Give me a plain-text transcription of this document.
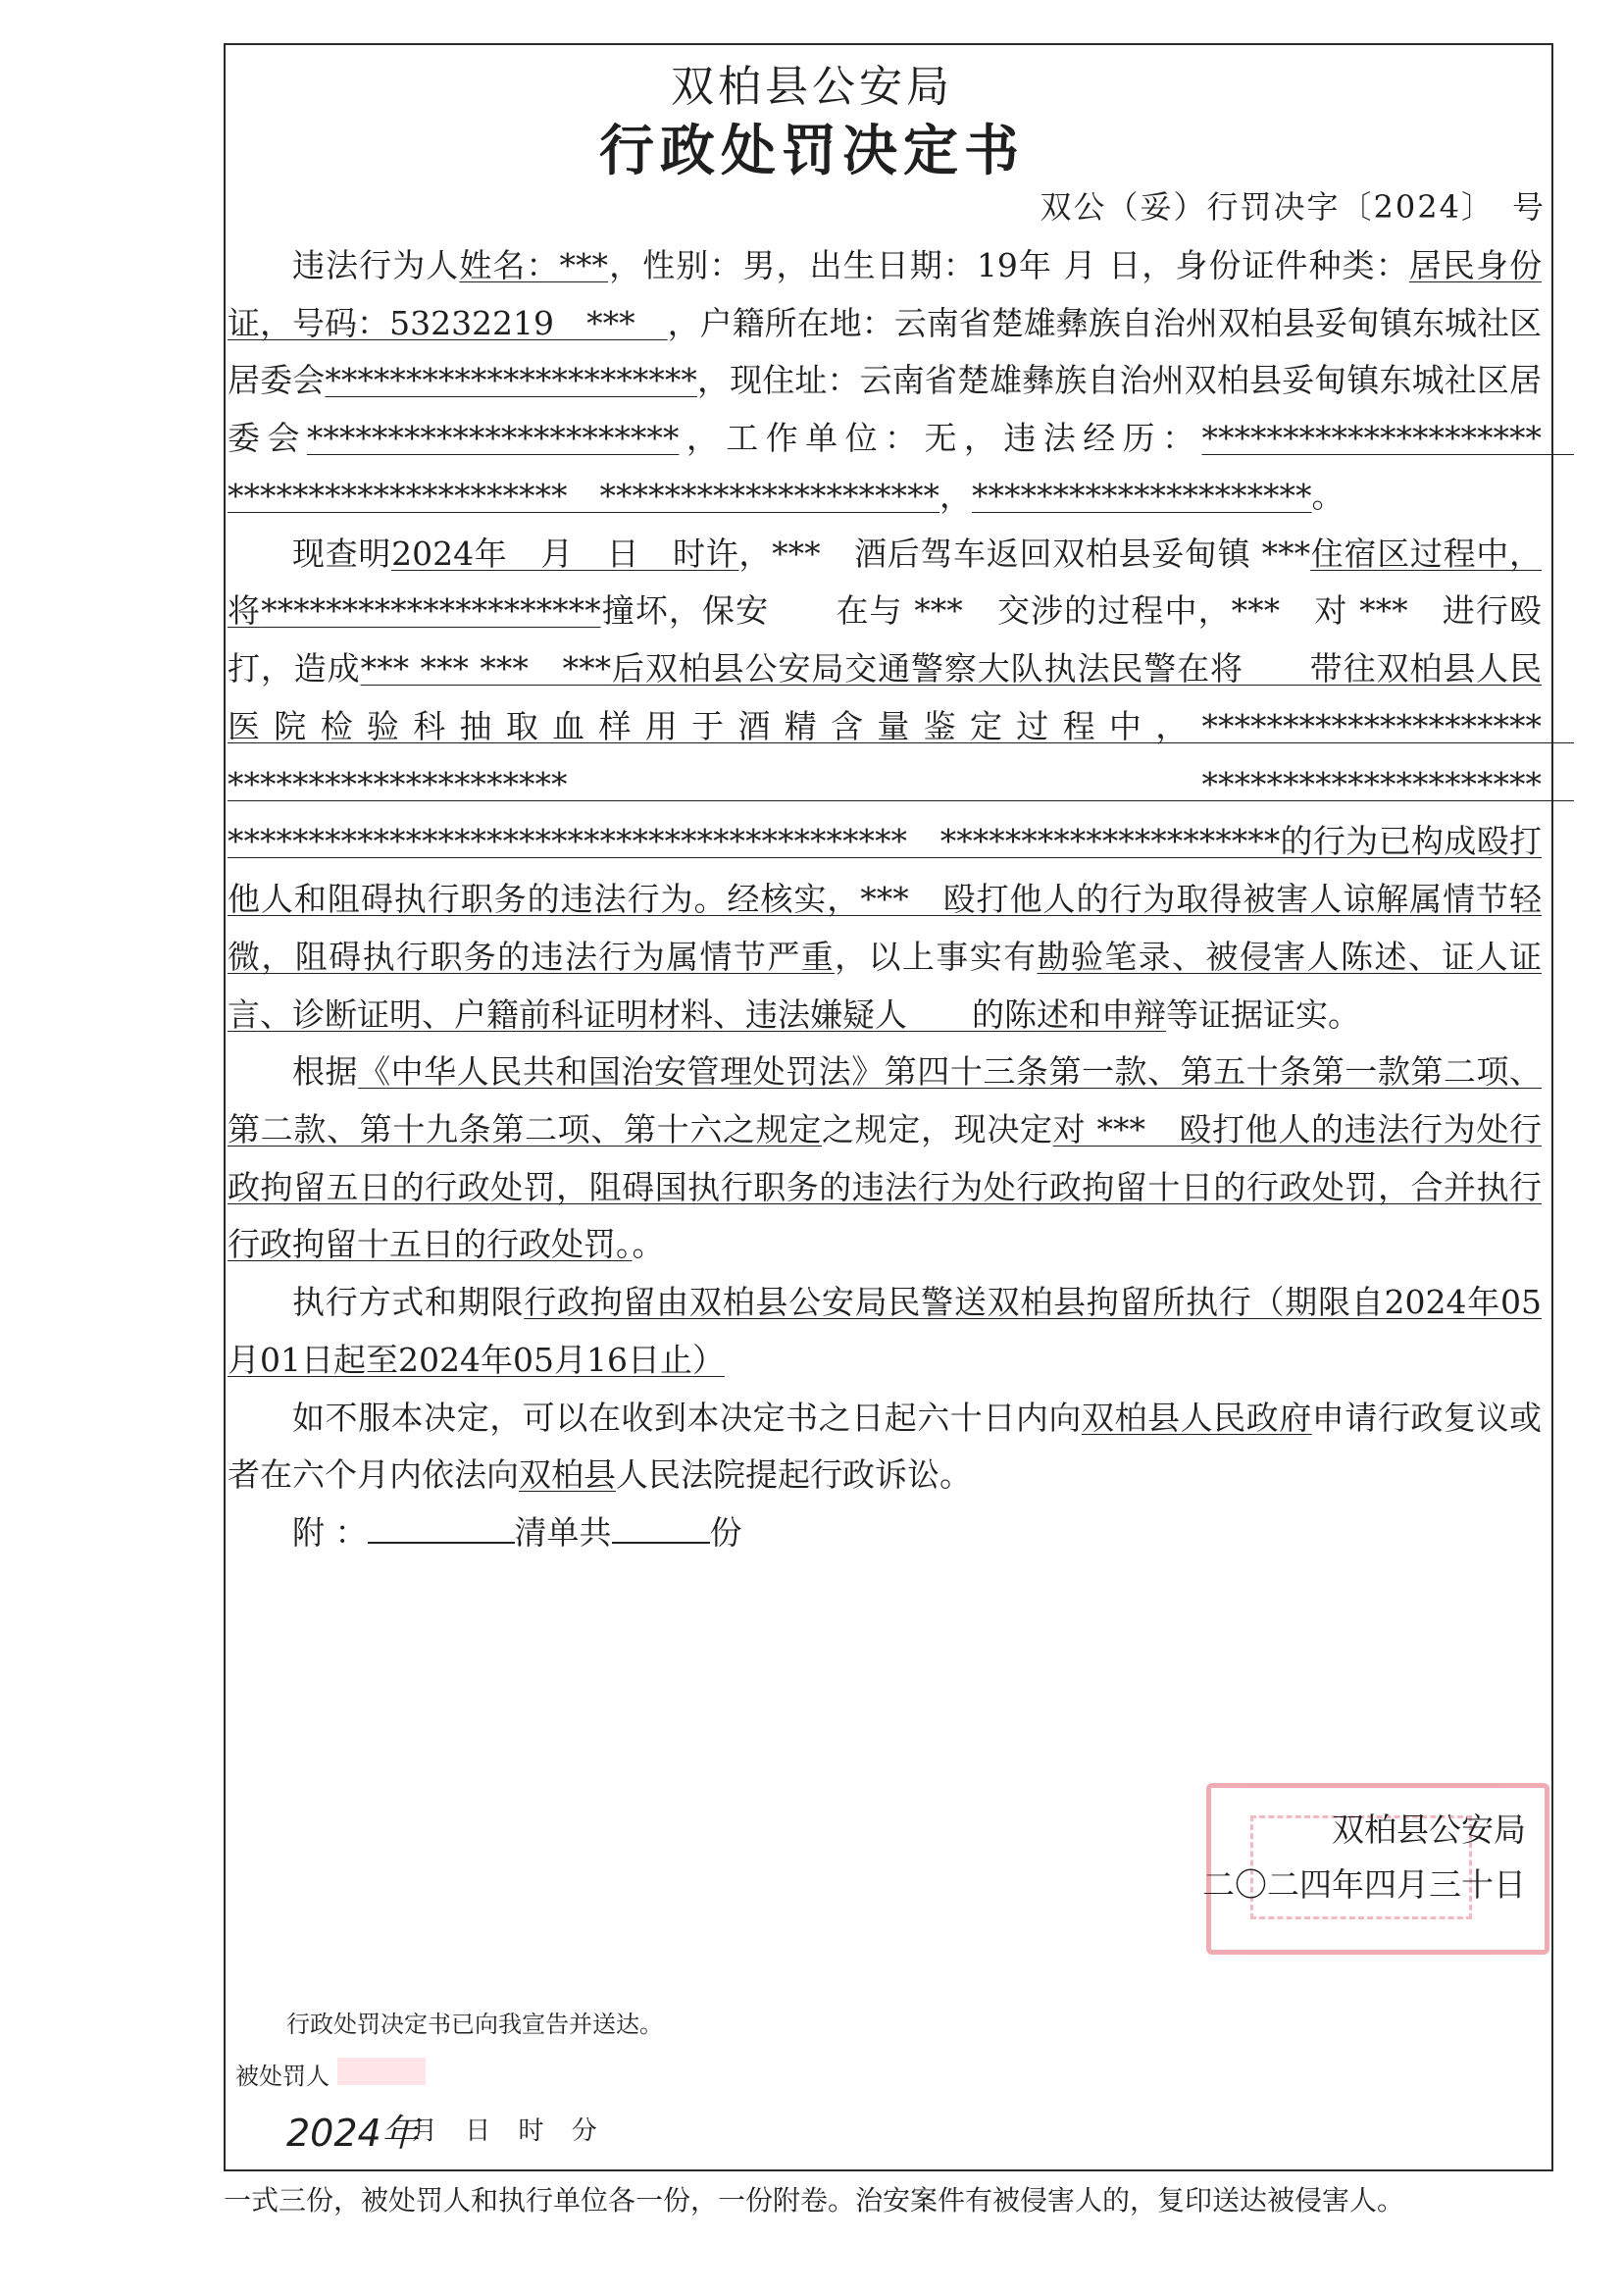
双柏县公安局
行政处罚决定书
双公（妥）行罚决字〔2024〕　号

违法行为人姓名：***，性别：男，出生日期：19年 月 日，身份证件种类：居民身份证，号码：53232219　***　，户籍所在地：云南省楚雄彝族自治州双柏县妥甸镇东城社区居委会***********************，现住址：云南省楚雄彝族自治州双柏县妥甸镇东城社区居委会***********************，工作单位：无，违法经历：*********************　*********************　*********************，*********************。

现查明2024年　月　日　时许，***　酒后驾车返回双柏县妥甸镇 ***住宿区过程中，将*********************撞坏，保安　　在与 ***　交涉的过程中，***　对 ***　进行殴打，造成*** *** ***　***后双柏县公安局交通警察大队执法民警在将　　带往双柏县人民医院检验科抽取血样用于酒精含量鉴定过程中，*********************　*********************　*********************　******************************************　*********************的行为已构成殴打他人和阻碍执行职务的违法行为。经核实，***　殴打他人的行为取得被害人谅解属情节轻微，阻碍执行职务的违法行为属情节严重，以上事实有勘验笔录、被侵害人陈述、证人证言、诊断证明、户籍前科证明材料、违法嫌疑人　　的陈述和申辩等证据证实。

根据《中华人民共和国治安管理处罚法》第四十三条第一款、第五十条第一款第二项、第二款、第十九条第二项、第十六之规定之规定，现决定对 ***　殴打他人的违法行为处行政拘留五日的行政处罚，阻碍国执行职务的违法行为处行政拘留十日的行政处罚，合并执行行政拘留十五日的行政处罚。。

执行方式和期限行政拘留由双柏县公安局民警送双柏县拘留所执行（期限自2024年05月01日起至2024年05月16日止）

如不服本决定，可以在收到本决定书之日起六十日内向双柏县人民政府申请行政复议或者在六个月内依法向双柏县人民法院提起行政诉讼。

附 ：	清单共	份
双柏县公安局
二〇二四年四月三十日
行政处罚决定书已向我宣告并送达。
被处罚人
2024年
月 日 时 分
一式三份，被处罚人和执行单位各一份，一份附卷。治安案件有被侵害人的，复印送达被侵害人。
